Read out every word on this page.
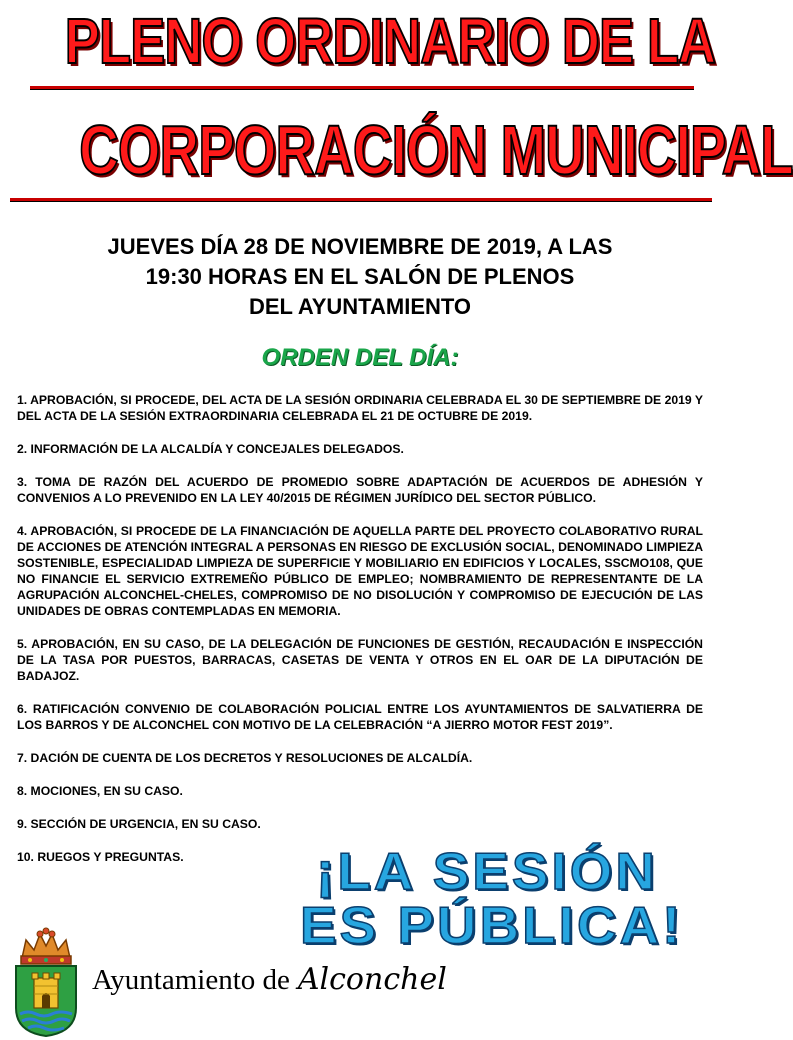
PLENO ORDINARIO DE LA
CORPORACIÓN MUNICIPAL
JUEVES DÍA 28 DE NOVIEMBRE DE 2019, A LAS
19:30 HORAS EN EL SALÓN DE PLENOS
DEL AYUNTAMIENTO
ORDEN DEL DÍA:
1. APROBACIÓN, SI PROCEDE, DEL ACTA DE LA SESIÓN ORDINARIA CELEBRADA EL 30 DE SEPTIEMBRE DE 2019 Y DEL ACTA DE LA SESIÓN EXTRAORDINARIA CELEBRADA EL 21 DE OCTUBRE DE 2019.
2. INFORMACIÓN DE LA ALCALDÍA Y CONCEJALES DELEGADOS.
3. TOMA DE RAZÓN DEL ACUERDO DE PROMEDIO SOBRE ADAPTACIÓN DE ACUERDOS DE ADHESIÓN Y CONVENIOS A LO PREVENIDO EN LA LEY 40/2015 DE RÉGIMEN JURÍDICO DEL SECTOR PÚBLICO.
4. APROBACIÓN, SI PROCEDE DE LA FINANCIACIÓN DE AQUELLA PARTE DEL PROYECTO COLABORATIVO RURAL DE ACCIONES DE ATENCIÓN INTEGRAL A PERSONAS EN RIESGO DE EXCLUSIÓN SOCIAL, DENOMINADO LIMPIEZA SOSTENIBLE, ESPECIALIDAD LIMPIEZA DE SUPERFICIE Y MOBILIARIO EN EDIFICIOS Y LOCALES, SSCMO108, QUE NO FINANCIE EL SERVICIO EXTREMEÑO PÚBLICO DE EMPLEO; NOMBRAMIENTO DE REPRESENTANTE DE LA AGRUPACIÓN ALCONCHEL-CHELES, COMPROMISO DE NO DISOLUCIÓN Y COMPROMISO DE EJECUCIÓN DE LAS UNIDADES DE OBRAS CONTEMPLADAS EN MEMORIA.
5. APROBACIÓN, EN SU CASO, DE LA DELEGACIÓN DE FUNCIONES DE GESTIÓN, RECAUDACIÓN E INSPECCIÓN DE LA TASA POR PUESTOS, BARRACAS, CASETAS DE VENTA Y OTROS EN EL OAR DE LA DIPUTACIÓN DE BADAJOZ.
6. RATIFICACIÓN CONVENIO DE COLABORACIÓN POLICIAL ENTRE LOS AYUNTAMIENTOS DE SALVATIERRA DE LOS BARROS Y DE ALCONCHEL CON MOTIVO DE LA CELEBRACIÓN “A JIERRO MOTOR FEST 2019”.
7. DACIÓN DE CUENTA DE LOS DECRETOS Y RESOLUCIONES DE ALCALDÍA.
8. MOCIONES, EN SU CASO.
9. SECCIÓN DE URGENCIA, EN SU CASO.
10. RUEGOS Y PREGUNTAS.	¡LA SESIÓN
ES PÚBLICA!
Ayuntamiento de Alconchel
